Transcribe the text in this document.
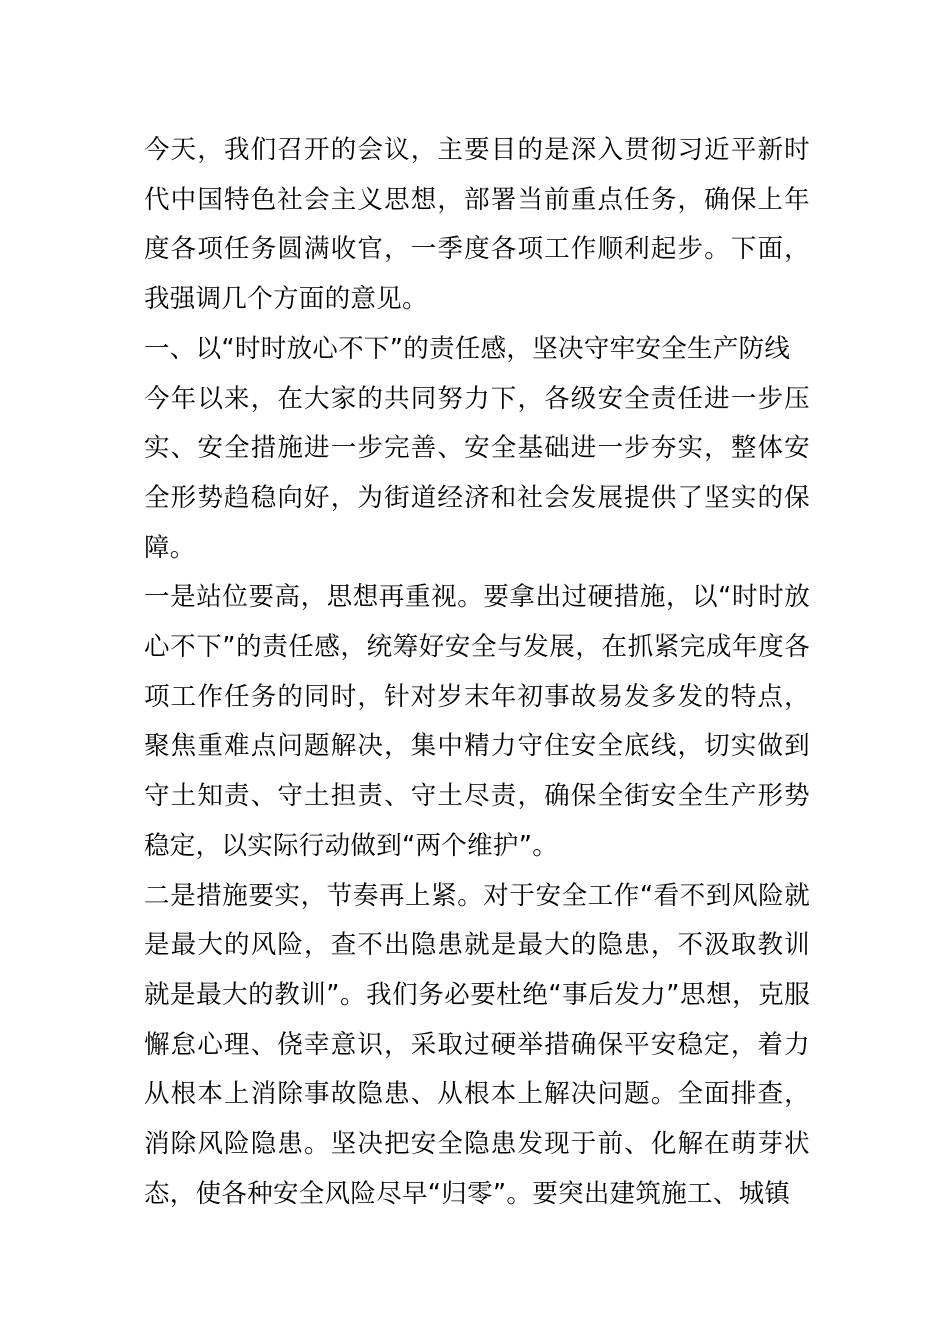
今天，我们召开的会议，主要目的是深入贯彻习近平新时代中国特色社会主义思想，部署当前重点任务，确保上年度各项任务圆满收官，一季度各项工作顺利起步。下面，我强调几个方面的意见。

一、以“时时放心不下”的责任感，坚决守牢安全生产防线

今年以来，在大家的共同努力下，各级安全责任进一步压实、安全措施进一步完善、安全基础进一步夯实，整体安全形势趋稳向好，为街道经济和社会发展提供了坚实的保障。

一是站位要高，思想再重视。要拿出过硬措施，以“时时放心不下”的责任感，统筹好安全与发展，在抓紧完成年度各项工作任务的同时，针对岁末年初事故易发多发的特点，聚焦重难点问题解决，集中精力守住安全底线，切实做到守土知责、守土担责、守土尽责，确保全街安全生产形势稳定，以实际行动做到“两个维护”。

二是措施要实，节奏再上紧。对于安全工作“看不到风险就是最大的风险，查不出隐患就是最大的隐患，不汲取教训就是最大的教训”。我们务必要杜绝“事后发力”思想，克服懈怠心理、侥幸意识，采取过硬举措确保平安稳定，着力从根本上消除事故隐患、从根本上解决问题。全面排查，消除风险隐患。坚决把安全隐患发现于前、化解在萌芽状态，使各种安全风险尽早“归零”。要突出建筑施工、城镇
